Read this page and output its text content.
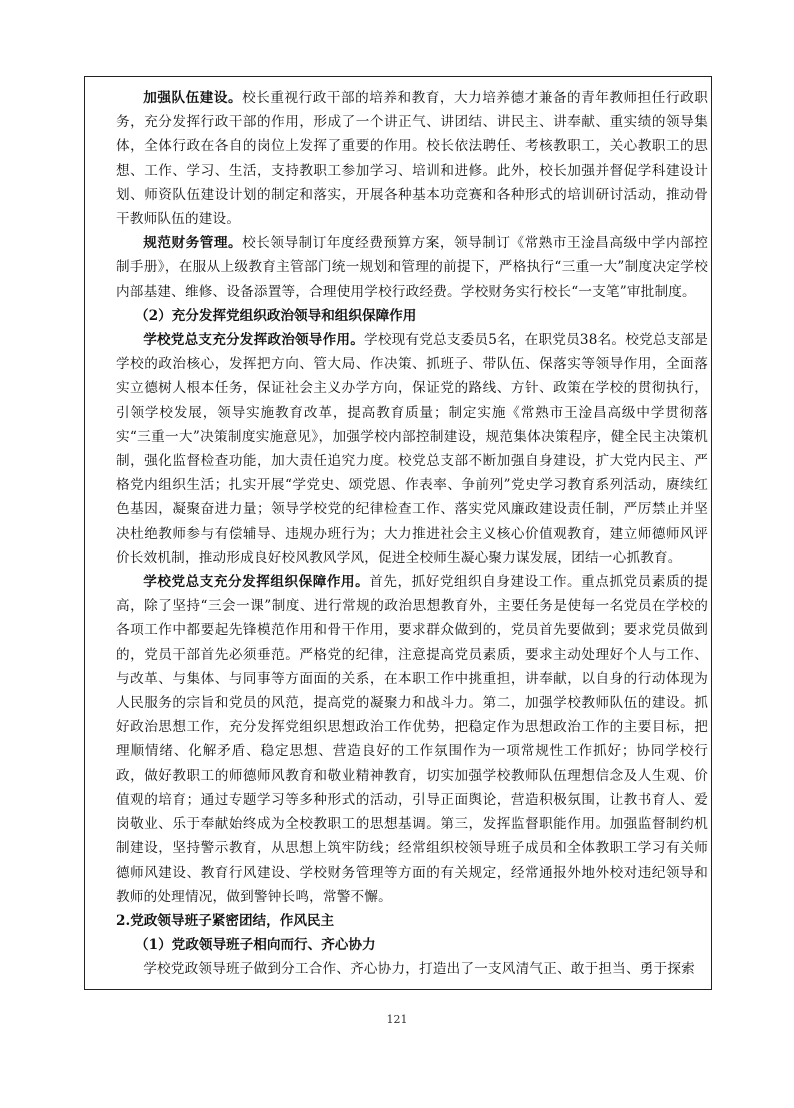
加强队伍建设。校长重视行政干部的培养和教育，大力培养德才兼备的青年教师担任行政职务，充分发挥行政干部的作用，形成了一个讲正气、讲团结、讲民主、讲奉献、重实绩的领导集体，全体行政在各自的岗位上发挥了重要的作用。校长依法聘任、考核教职工，关心教职工的思想、工作、学习、生活，支持教职工参加学习、培训和进修。此外，校长加强并督促学科建设计划、师资队伍建设计划的制定和落实，开展各种基本功竞赛和各种形式的培训研讨活动，推动骨干教师队伍的建设。

规范财务管理。校长领导制订年度经费预算方案，领导制订《常熟市王淦昌高级中学内部控制手册》，在服从上级教育主管部门统一规划和管理的前提下，严格执行“三重一大”制度决定学校内部基建、维修、设备添置等，合理使用学校行政经费。学校财务实行校长“一支笔”审批制度。

（2）充分发挥党组织政治领导和组织保障作用

学校党总支充分发挥政治领导作用。学校现有党总支委员5名，在职党员38名。校党总支部是学校的政治核心，发挥把方向、管大局、作决策、抓班子、带队伍、保落实等领导作用，全面落实立德树人根本任务，保证社会主义办学方向，保证党的路线、方针、政策在学校的贯彻执行，引领学校发展，领导实施教育改革，提高教育质量；制定实施《常熟市王淦昌高级中学贯彻落实“三重一大”决策制度实施意见》，加强学校内部控制建设，规范集体决策程序，健全民主决策机制，强化监督检查功能，加大责任追究力度。校党总支部不断加强自身建设，扩大党内民主、严格党内组织生活；扎实开展“学党史、颂党恩、作表率、争前列”党史学习教育系列活动，赓续红色基因，凝聚奋进力量；领导学校党的纪律检查工作、落实党风廉政建设责任制，严厉禁止并坚决杜绝教师参与有偿辅导、违规办班行为；大力推进社会主义核心价值观教育，建立师德师风评价长效机制，推动形成良好校风教风学风，促进全校师生凝心聚力谋发展，团结一心抓教育。

学校党总支充分发挥组织保障作用。首先，抓好党组织自身建设工作。重点抓党员素质的提高，除了坚持“三会一课”制度、进行常规的政治思想教育外，主要任务是使每一名党员在学校的各项工作中都要起先锋模范作用和骨干作用，要求群众做到的，党员首先要做到；要求党员做到的，党员干部首先必须垂范。严格党的纪律，注意提高党员素质，要求主动处理好个人与工作、与改革、与集体、与同事等方面面的关系，在本职工作中挑重担，讲奉献，以自身的行动体现为人民服务的宗旨和党员的风范，提高党的凝聚力和战斗力。第二，加强学校教师队伍的建设。抓好政治思想工作，充分发挥党组织思想政治工作优势，把稳定作为思想政治工作的主要目标，把理顺情绪、化解矛盾、稳定思想、营造良好的工作氛围作为一项常规性工作抓好；协同学校行政，做好教职工的师德师风教育和敬业精神教育，切实加强学校教师队伍理想信念及人生观、价值观的培育；通过专题学习等多种形式的活动，引导正面舆论，营造积极氛围，让教书育人、爱岗敬业、乐于奉献始终成为全校教职工的思想基调。第三，发挥监督职能作用。加强监督制约机制建设，坚持警示教育，从思想上筑牢防线；经常组织校领导班子成员和全体教职工学习有关师德师风建设、教育行风建设、学校财务管理等方面的有关规定，经常通报外地外校对违纪领导和教师的处理情况，做到警钟长鸣，常警不懈。

2.党政领导班子紧密团结，作风民主

（1）党政领导班子相向而行、齐心协力

学校党政领导班子做到分工合作、齐心协力，打造出了一支风清气正、敢于担当、勇于探索

121
